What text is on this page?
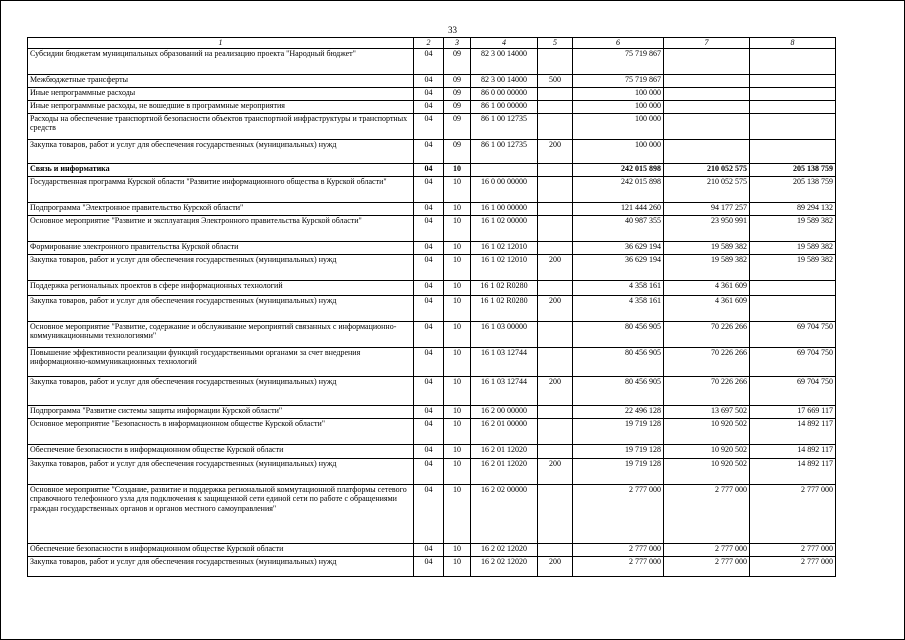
33
1	2	3	4	5	6	7	8
Субсидии бюджетам муниципальных образований на реализацию проекта "Народный бюджет"	04	09	82 3 00 14000		75 719 867		
Межбюджетные трансферты	04	09	82 3 00 14000	500	75 719 867		
Иные непрограммные расходы	04	09	86 0 00 00000		100 000		
Иные непрограммные расходы, не вошедшие в программные мероприятия	04	09	86 1 00 00000		100 000		
Расходы на обеспечение транспортной безопасности объектов транспортной инфраструктуры и транспортных средств	04	09	86 1 00 12735		100 000		
Закупка товаров, работ и услуг для обеспечения государственных (муниципальных) нужд	04	09	86 1 00 12735	200	100 000		
Связь и информатика	04	10			242 015 898	210 052 575	205 138 759
Государственная программа Курской области "Развитие информационного общества в Курской области"	04	10	16 0 00 00000		242 015 898	210 052 575	205 138 759
Подпрограмма "Электронное правительство Курской области"	04	10	16 1 00 00000		121 444 260	94 177 257	89 294 132
Основное мероприятие "Развитие и эксплуатация Электронного правительства Курской области"	04	10	16 1 02 00000		40 987 355	23 950 991	19 589 382
Формирование электронного правительства Курской области	04	10	16 1 02 12010		36 629 194	19 589 382	19 589 382
Закупка товаров, работ и услуг для обеспечения государственных (муниципальных) нужд	04	10	16 1 02 12010	200	36 629 194	19 589 382	19 589 382
Поддержка региональных проектов в сфере информационных технологий	04	10	16 1 02 R0280		4 358 161	4 361 609	
Закупка товаров, работ и услуг для обеспечения государственных (муниципальных) нужд	04	10	16 1 02 R0280	200	4 358 161	4 361 609	
Основное мероприятие "Развитие, содержание и обслуживание мероприятий связанных с информационно-коммуникационными технологиями"	04	10	16 1 03 00000		80 456 905	70 226 266	69 704 750
Повышение эффективности реализации функций государственными органами за счет внедрения информационно-коммуникационных технологий	04	10	16 1 03 12744		80 456 905	70 226 266	69 704 750
Закупка товаров, работ и услуг для обеспечения государственных (муниципальных) нужд	04	10	16 1 03 12744	200	80 456 905	70 226 266	69 704 750
Подпрограмма "Развитие системы защиты информации Курской области"	04	10	16 2 00 00000		22 496 128	13 697 502	17 669 117
Основное мероприятие "Безопасность в информационном обществе Курской области"	04	10	16 2 01 00000		19 719 128	10 920 502	14 892 117
Обеспечение безопасности в информационном обществе Курской области	04	10	16 2 01 12020		19 719 128	10 920 502	14 892 117
Закупка товаров, работ и услуг для обеспечения государственных (муниципальных) нужд	04	10	16 2 01 12020	200	19 719 128	10 920 502	14 892 117
Основное мероприятие "Создание, развитие и поддержка региональной коммутационной платформы сетевого справочного телефонного узла для подключения к защищенной сети единой сети по работе с обращениями граждан государственных органов и органов местного самоуправления"	04	10	16 2 02 00000		2 777 000	2 777 000	2 777 000
Обеспечение безопасности в информационном обществе Курской области	04	10	16 2 02 12020		2 777 000	2 777 000	2 777 000
Закупка товаров, работ и услуг для обеспечения государственных (муниципальных) нужд	04	10	16 2 02 12020	200	2 777 000	2 777 000	2 777 000
